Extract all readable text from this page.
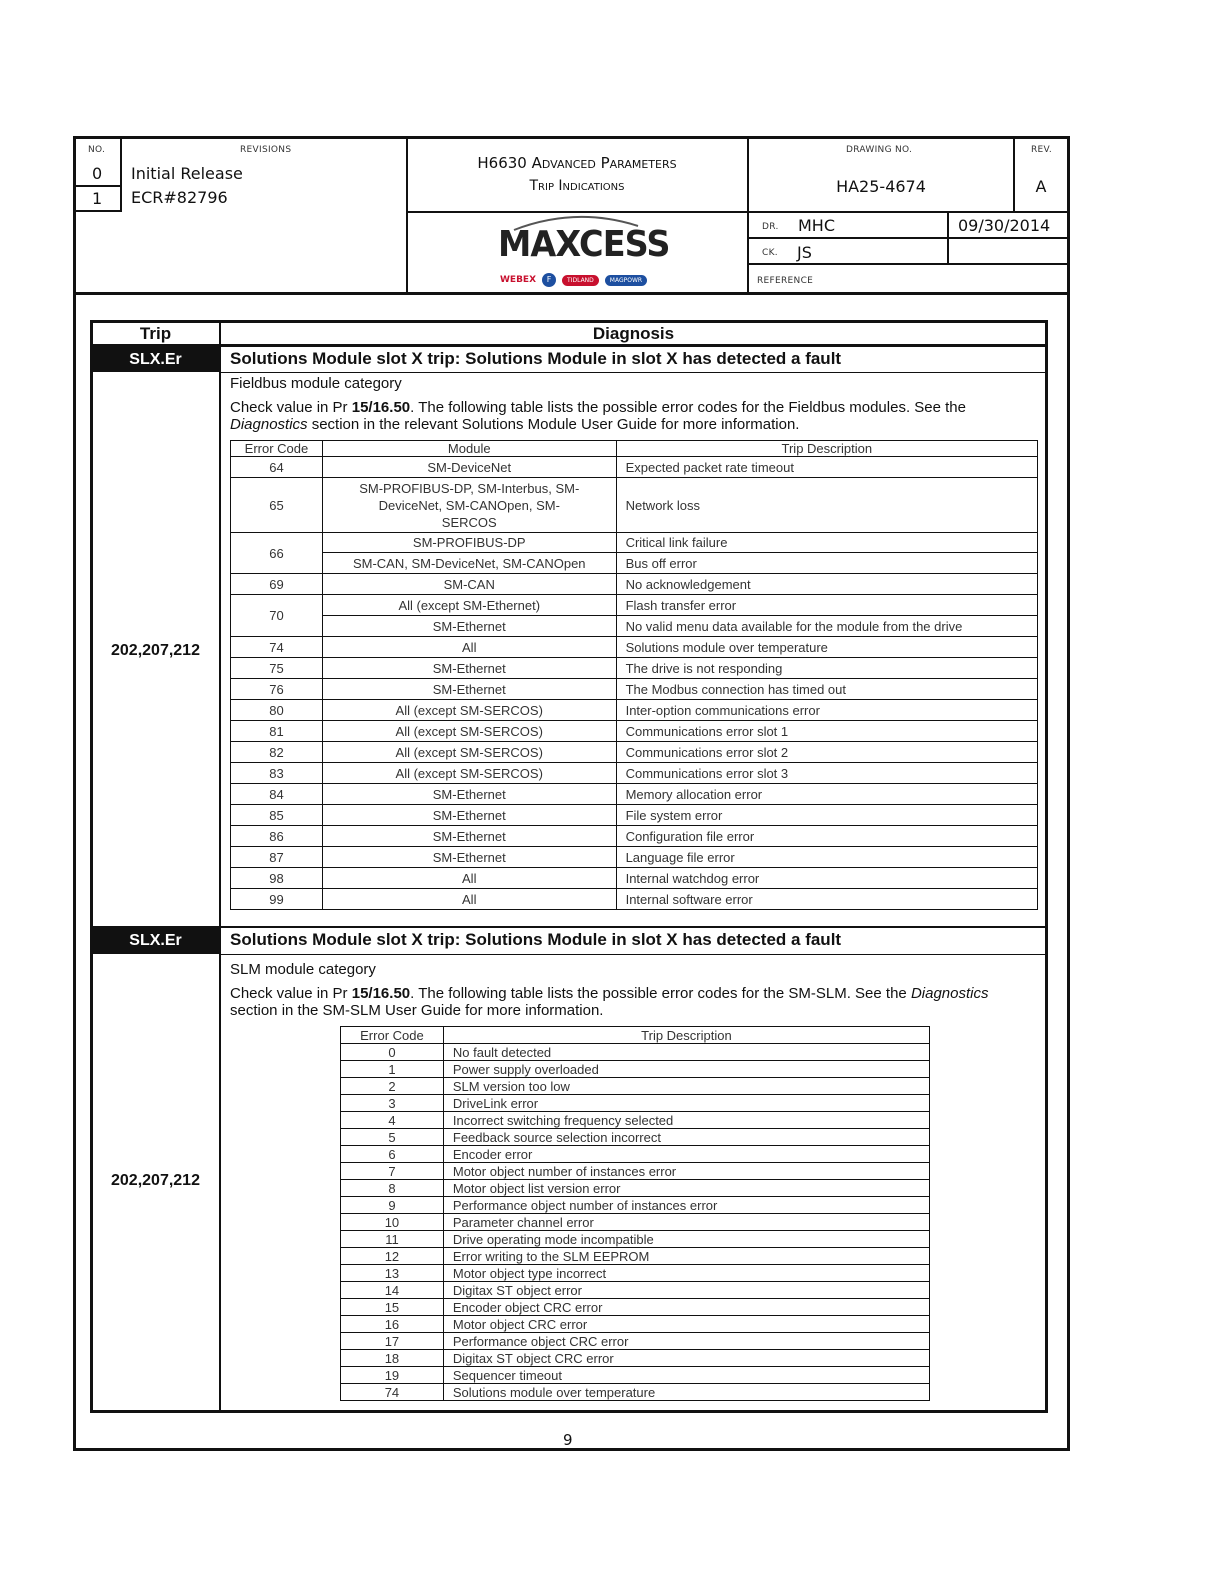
NO.	REVISIONS
0 Initial Release
1 ECR#82796
H6630 Advanced Parameters
Trip Indications
DRAWING NO.
HA25-4674
REV.
A
DR. MHC	09/30/2014
CK. JS
REFERENCE
MAXCESS
WEBEX	F	TIDLAND	MAGPOWR
Trip	Diagnosis
SLX.Er	Solutions Module slot X trip: Solutions Module in slot X has detected a fault
202,207,212
Fieldbus module category
Check value in Pr 15/16.50. The following table lists the possible error codes for the Fieldbus modules. See the Diagnostics section in the relevant Solutions Module User Guide for more information.
Error Code	Module	Trip Description
64	SM-DeviceNet	Expected packet rate timeout
65	SM-PROFIBUS-DP, SM-Interbus, SM-DeviceNet, SM-CANOpen, SM-SERCOS	Network loss
66	SM-PROFIBUS-DP	Critical link failure
	SM-CAN, SM-DeviceNet, SM-CANOpen	Bus off error
69	SM-CAN	No acknowledgement
70	All (except SM-Ethernet)	Flash transfer error
	SM-Ethernet	No valid menu data available for the module from the drive
74	All	Solutions module over temperature
75	SM-Ethernet	The drive is not responding
76	SM-Ethernet	The Modbus connection has timed out
80	All (except SM-SERCOS)	Inter-option communications error
81	All (except SM-SERCOS)	Communications error slot 1
82	All (except SM-SERCOS)	Communications error slot 2
83	All (except SM-SERCOS)	Communications error slot 3
84	SM-Ethernet	Memory allocation error
85	SM-Ethernet	File system error
86	SM-Ethernet	Configuration file error
87	SM-Ethernet	Language file error
98	All	Internal watchdog error
99	All	Internal software error
SLX.Er	Solutions Module slot X trip: Solutions Module in slot X has detected a fault
202,207,212
SLM module category
Check value in Pr 15/16.50. The following table lists the possible error codes for the SM-SLM. See the Diagnostics section in the SM-SLM User Guide for more information.
Error Code	Trip Description
0	No fault detected
1	Power supply overloaded
2	SLM version too low
3	DriveLink error
4	Incorrect switching frequency selected
5	Feedback source selection incorrect
6	Encoder error
7	Motor object number of instances error
8	Motor object list version error
9	Performance object number of instances error
10	Parameter channel error
11	Drive operating mode incompatible
12	Error writing to the SLM EEPROM
13	Motor object type incorrect
14	Digitax ST object error
15	Encoder object CRC error
16	Motor object CRC error
17	Performance object CRC error
18	Digitax ST object CRC error
19	Sequencer timeout
74	Solutions module over temperature
9
